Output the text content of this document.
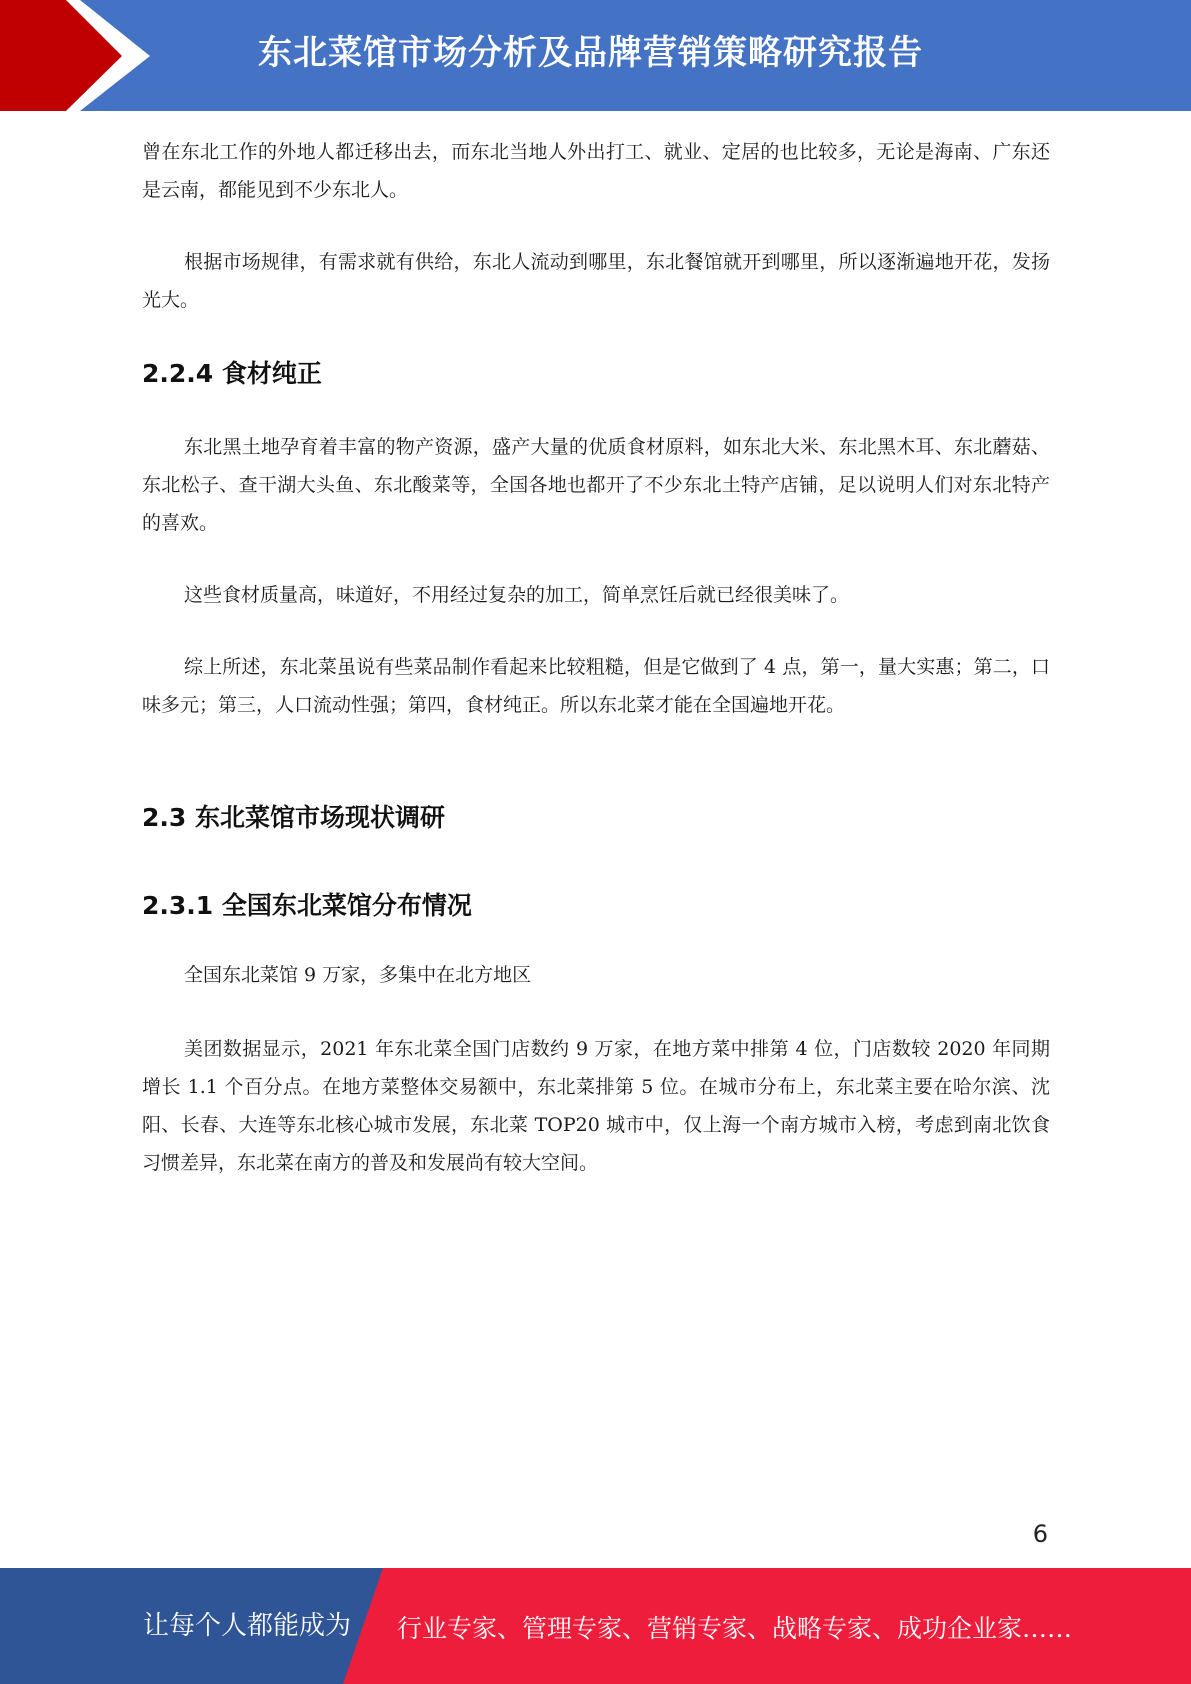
东北菜馆市场分析及品牌营销策略研究报告

曾在东北工作的外地人都迁移出去，而东北当地人外出打工、就业、定居的也比较多，无论是海南、广东还是云南，都能见到不少东北人。

根据市场规律，有需求就有供给，东北人流动到哪里，东北餐馆就开到哪里，所以逐渐遍地开花，发扬光大。

2.2.4 食材纯正

东北黑土地孕育着丰富的物产资源，盛产大量的优质食材原料，如东北大米、东北黑木耳、东北蘑菇、东北松子、查干湖大头鱼、东北酸菜等，全国各地也都开了不少东北土特产店铺，足以说明人们对东北特产的喜欢。

这些食材质量高，味道好，不用经过复杂的加工，简单烹饪后就已经很美味了。

综上所述，东北菜虽说有些菜品制作看起来比较粗糙，但是它做到了 4 点，第一，量大实惠；第二，口味多元；第三，人口流动性强；第四，食材纯正。所以东北菜才能在全国遍地开花。

2.3 东北菜馆市场现状调研
2.3.1 全国东北菜馆分布情况

全国东北菜馆 9 万家，多集中在北方地区

美团数据显示，2021 年东北菜全国门店数约 9 万家，在地方菜中排第 4 位，门店数较 2020 年同期增长 1.1 个百分点。在地方菜整体交易额中，东北菜排第 5 位。在城市分布上，东北菜主要在哈尔滨、沈阳、长春、大连等东北核心城市发展，东北菜 TOP20 城市中，仅上海一个南方城市入榜，考虑到南北饮食习惯差异，东北菜在南方的普及和发展尚有较大空间。

6
让每个人都能成为 行业专家、管理专家、营销专家、战略专家、成功企业家……
